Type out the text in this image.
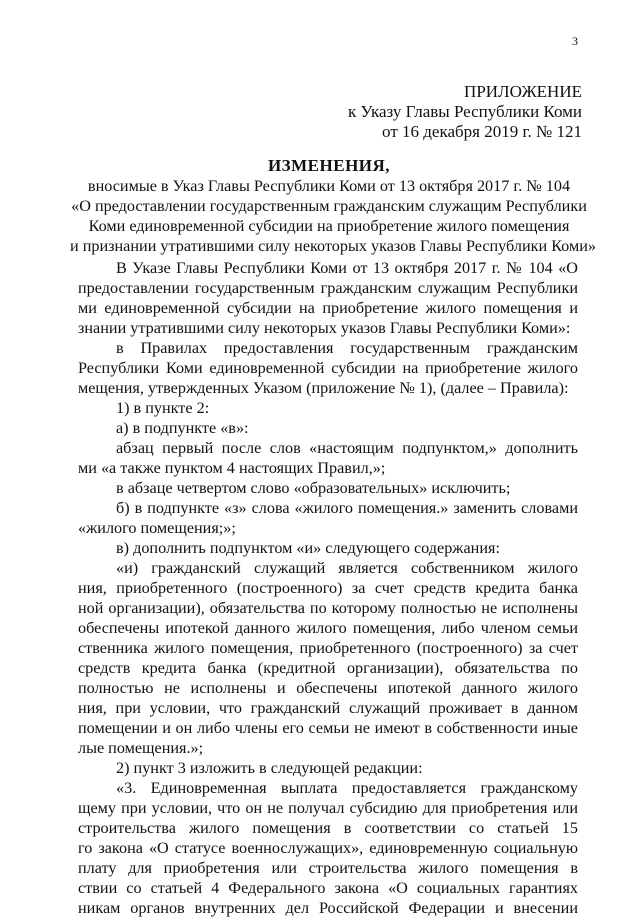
3
ПРИЛОЖЕНИЕ
к Указу Главы Республики Коми
от 16 декабря 2019 г. № 121
ИЗМЕНЕНИЯ,
вносимые в Указ Главы Республики Коми от 13 октября 2017 г. № 104
«О предоставлении государственным гражданским служащим Республики
Коми единовременной субсидии на приобретение жилого помещения
и признании утратившими силу некоторых указов Главы Республики Коми»
В Указе Главы Республики Коми от 13 октября 2017 г. № 104 «О
предоставлении государственным гражданским служащим Республики
ми единовременной субсидии на приобретение жилого помещения и
знании утратившими силу некоторых указов Главы Республики Коми»:
в Правилах предоставления государственным гражданским
Республики Коми единовременной субсидии на приобретение жилого
мещения, утвержденных Указом (приложение № 1), (далее – Правила):
1) в пункте 2:
а) в подпункте «в»:
абзац первый после слов «настоящим подпунктом,» дополнить
ми «а также пунктом 4 настоящих Правил,»;
в абзаце четвертом слово «образовательных» исключить;
б) в подпункте «з» слова «жилого помещения.» заменить словами
«жилого помещения;»;
в) дополнить подпунктом «и» следующего содержания:
«и) гражданский служащий является собственником жилого
ния, приобретенного (построенного) за счет средств кредита банка
ной организации), обязательства по которому полностью не исполнены
обеспечены ипотекой данного жилого помещения, либо членом семьи
ственника жилого помещения, приобретенного (построенного) за счет
средств кредита банка (кредитной организации), обязательства по
полностью не исполнены и обеспечены ипотекой данного жилого
ния, при условии, что гражданский служащий проживает в данном
помещении и он либо члены его семьи не имеют в собственности иные
лые помещения.»;
2) пункт 3 изложить в следующей редакции:
«3. Единовременная выплата предоставляется гражданскому
щему при условии, что он не получал субсидию для приобретения или
строительства жилого помещения в соответствии со статьей 15
го закона «О статусе военнослужащих», единовременную социальную
плату для приобретения или строительства жилого помещения в
ствии со статьей 4 Федерального закона «О социальных гарантиях
никам органов внутренних дел Российской Федерации и внесении
